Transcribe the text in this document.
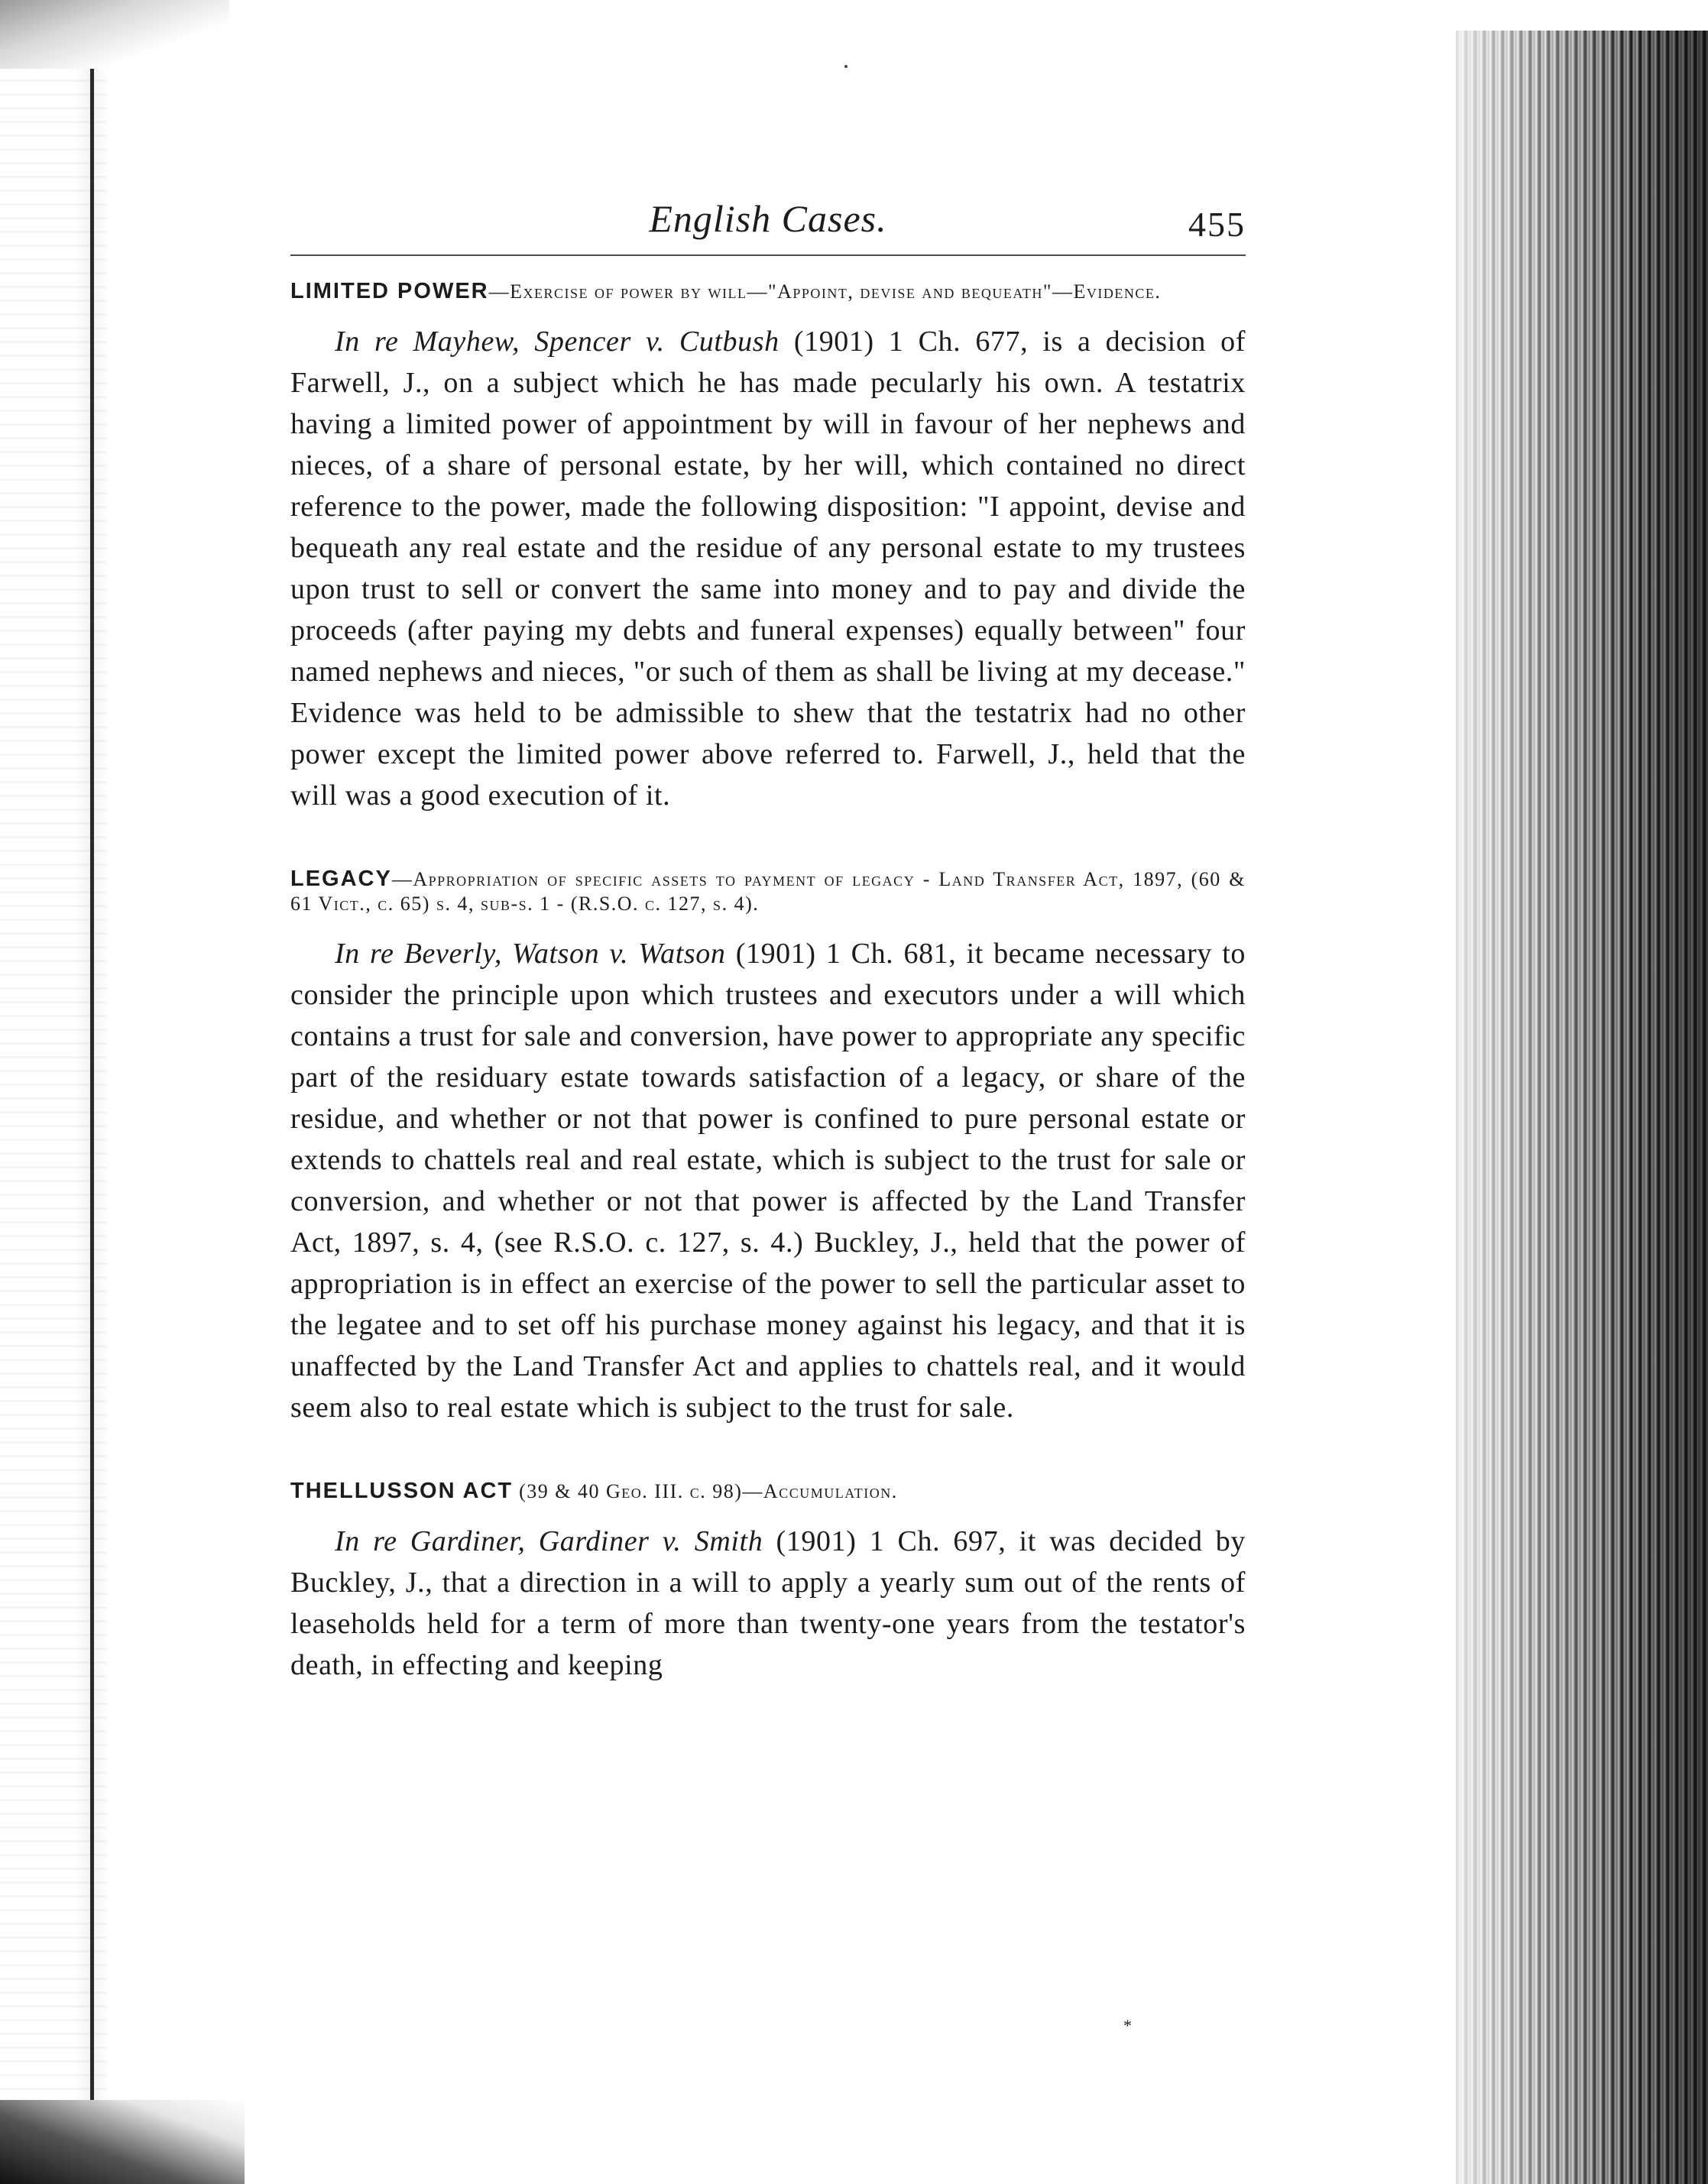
English Cases.	455
LIMITED POWER—Exercise of power by will—"Appoint, devise and bequeath"—Evidence.

In re Mayhew, Spencer v. Cutbush (1901) 1 Ch. 677, is a decision of Farwell, J., on a subject which he has made pecularly his own. A testatrix having a limited power of appointment by will in favour of her nephews and nieces, of a share of personal estate, by her will, which contained no direct reference to the power, made the following disposition: "I appoint, devise and bequeath any real estate and the residue of any personal estate to my trustees upon trust to sell or convert the same into money and to pay and divide the proceeds (after paying my debts and funeral expenses) equally between" four named nephews and nieces, "or such of them as shall be living at my decease." Evidence was held to be admissible to shew that the testatrix had no other power except the limited power above referred to. Farwell, J., held that the will was a good execution of it.

LEGACY—Appropriation of specific assets to payment of legacy - Land Transfer Act, 1897, (60 & 61 Vict., c. 65) s. 4, sub-s. 1 - (R.S.O. c. 127, s. 4).

In re Beverly, Watson v. Watson (1901) 1 Ch. 681, it became necessary to consider the principle upon which trustees and executors under a will which contains a trust for sale and conversion, have power to appropriate any specific part of the residuary estate towards satisfaction of a legacy, or share of the residue, and whether or not that power is confined to pure personal estate or extends to chattels real and real estate, which is subject to the trust for sale or conversion, and whether or not that power is affected by the Land Transfer Act, 1897, s. 4, (see R.S.O. c. 127, s. 4.) Buckley, J., held that the power of appropriation is in effect an exercise of the power to sell the particular asset to the legatee and to set off his purchase money against his legacy, and that it is unaffected by the Land Transfer Act and applies to chattels real, and it would seem also to real estate which is subject to the trust for sale.

THELLUSSON ACT (39 & 40 Geo. III. c. 98)—Accumulation.

In re Gardiner, Gardiner v. Smith (1901) 1 Ch. 697, it was decided by Buckley, J., that a direction in a will to apply a yearly sum out of the rents of leaseholds held for a term of more than twenty-one years from the testator's death, in effecting and keeping

*
